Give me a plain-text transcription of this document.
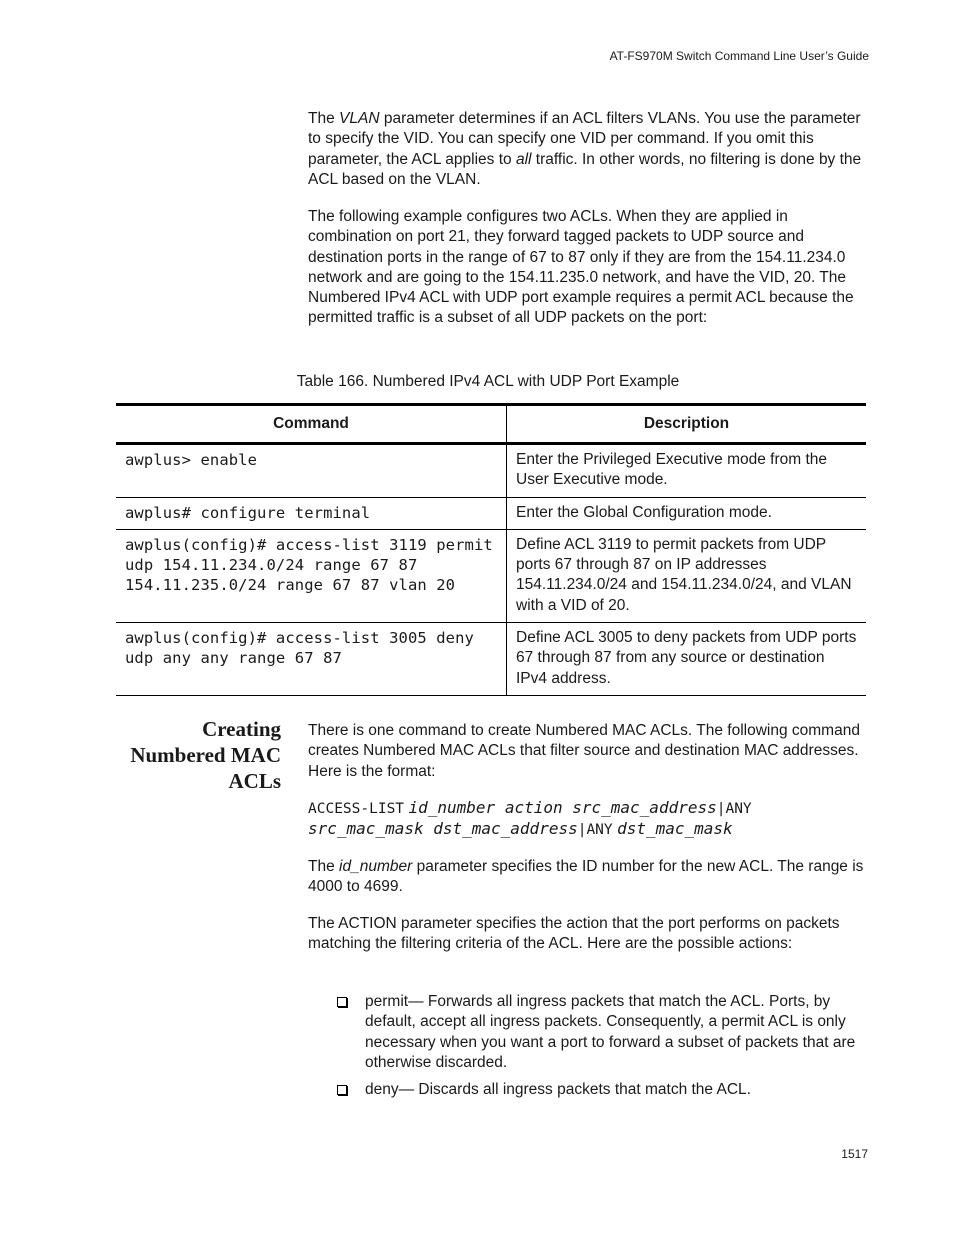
AT-FS970M Switch Command Line User’s Guide

The VLAN parameter determines if an ACL filters VLANs. You use the parameter to specify the VID. You can specify one VID per command. If you omit this parameter, the ACL applies to all traffic. In other words, no filtering is done by the ACL based on the VLAN.

The following example configures two ACLs. When they are applied in combination on port 21, they forward tagged packets to UDP source and destination ports in the range of 67 to 87 only if they are from the 154.11.234.0 network and are going to the 154.11.235.0 network, and have the VID, 20. The Numbered IPv4 ACL with UDP port example requires a permit ACL because the permitted traffic is a subset of all UDP packets on the port:

Table 166. Numbered IPv4 ACL with UDP Port Example
Command	Description
awplus> enable	Enter the Privileged Executive mode from the User Executive mode.
awplus# configure terminal	Enter the Global Configuration mode.
awplus(config)# access-list 3119 permit udp 154.11.234.0/24 range 67 87 154.11.235.0/24 range 67 87 vlan 20	Define ACL 3119 to permit packets from UDP ports 67 through 87 on IP addresses 154.11.234.0/24 and 154.11.234.0/24, and VLAN with a VID of 20.
awplus(config)# access-list 3005 deny udp any any range 67 87	Define ACL 3005 to deny packets from UDP ports 67 through 87 from any source or destination IPv4 address.
Creating
Numbered MAC
ACLs

There is one command to create Numbered MAC ACLs. The following command creates Numbered MAC ACLs that filter source and destination MAC addresses. Here is the format:

ACCESS-LIST id_number action src_mac_address|ANY
src_mac_mask dst_mac_address|ANY dst_mac_mask

The id_number parameter specifies the ID number for the new ACL. The range is 4000 to 4699.

The ACTION parameter specifies the action that the port performs on packets matching the filtering criteria of the ACL. Here are the possible actions:

permit— Forwards all ingress packets that match the ACL. Ports, by default, accept all ingress packets. Consequently, a permit ACL is only necessary when you want a port to forward a subset of packets that are otherwise discarded.
deny— Discards all ingress packets that match the ACL.
1517
